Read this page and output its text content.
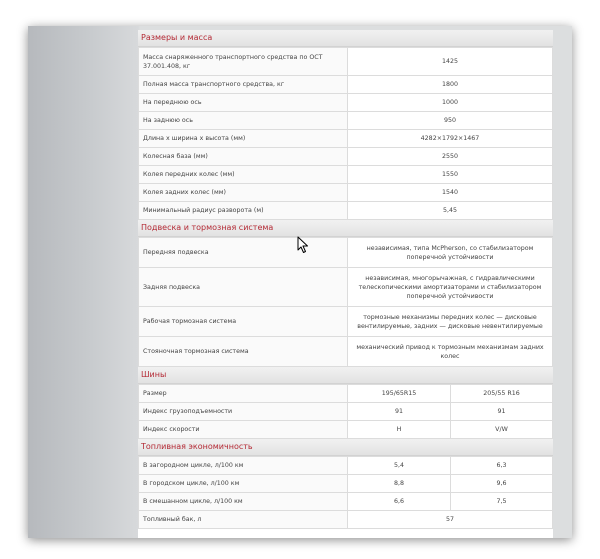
Размеры и масса
Масса снаряженного транспортного средства по ОСТ 37.001.408, кг	1425
Полная масса транспортного средства, кг	1800
На переднюю ось	1000
На заднюю ось	950
Длина x ширина x высота (мм)	4282×1792×1467
Колесная база (мм)	2550
Колея передних колес (мм)	1550
Колея задних колес (мм)	1540
Минимальный радиус разворота (м)	5,45
Подвеска и тормозная система
Передняя подвеска	независимая, типа McPherson, со стабилизатором поперечной устойчивости
Задняя подвеска	независимая, многорычажная, с гидравлическими телескопическими амортизаторами и стабилизатором поперечной устойчивости
Рабочая тормозная система	тормозные механизмы передних колес — дисковые вентилируемые, задних — дисковые невентилируемые
Стояночная тормозная система	механический привод к тормозным механизмам задних колес
Шины
Размер	195/65R15	205/55 R16
Индекс грузоподъемности	91	91
Индекс скорости	H	V/W
Топливная экономичность
В загородном цикле, л/100 км	5,4	6,3
В городском цикле, л/100 км	8,8	9,6
В смешанном цикле, л/100 км	6,6	7,5
Топливный бак, л	57	
